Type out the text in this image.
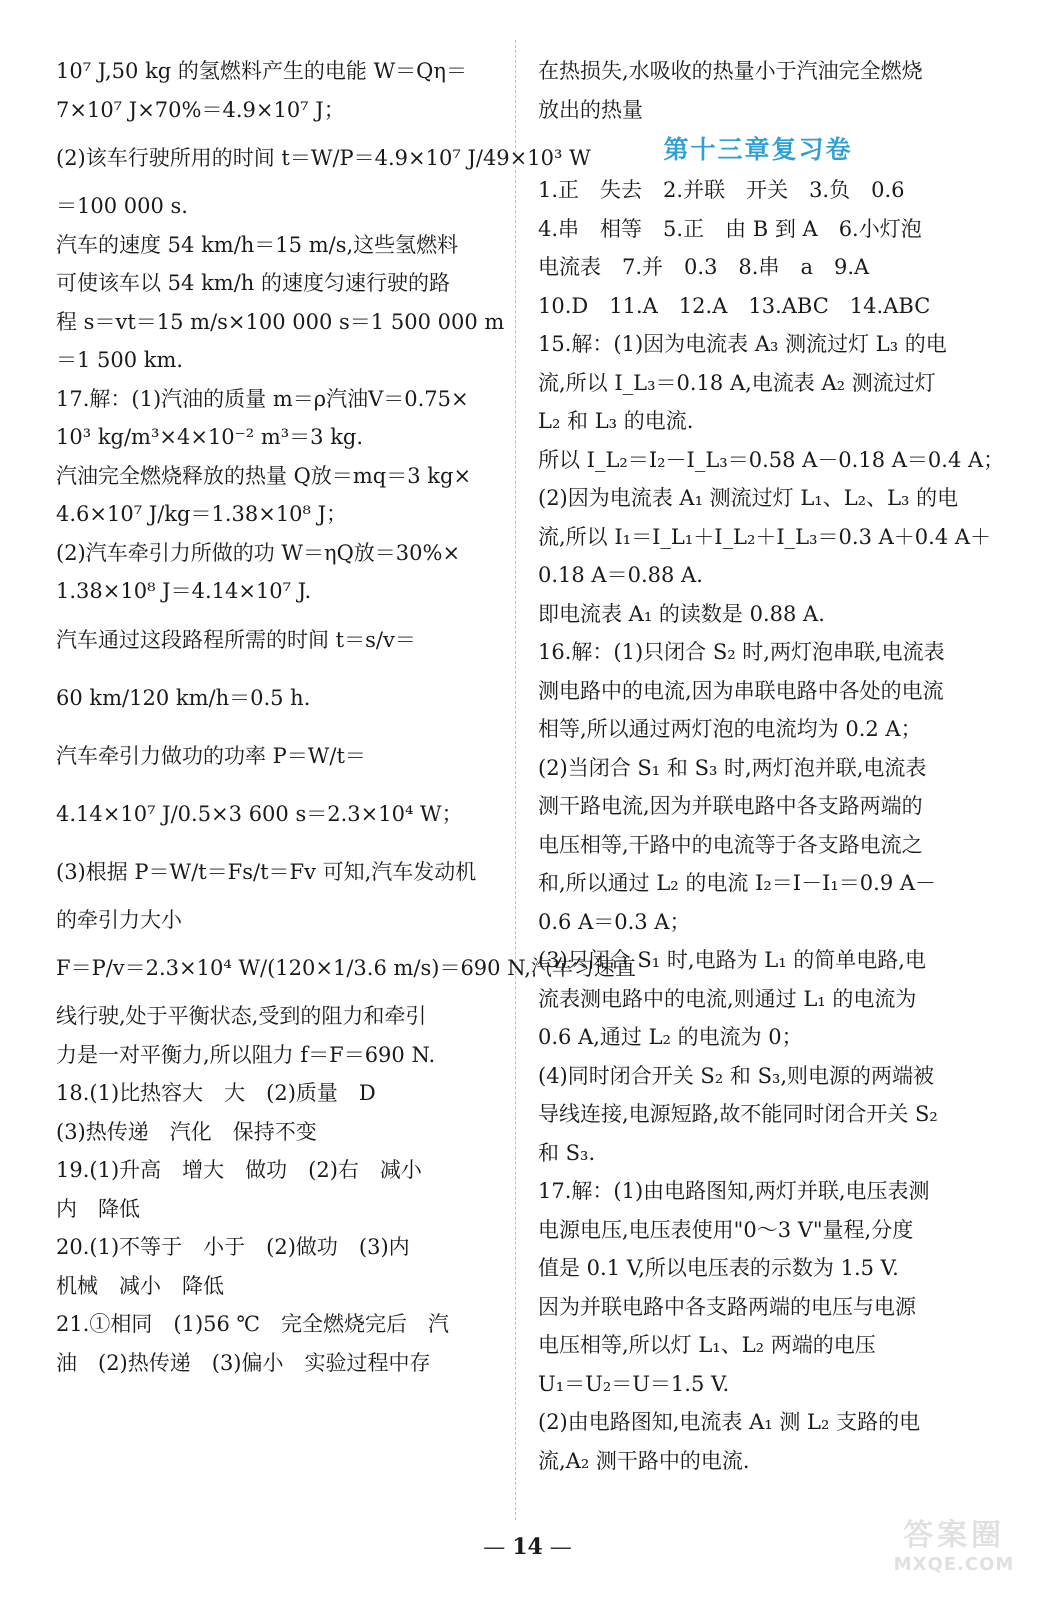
10⁷ J,50 kg 的氢燃料产生的电能 W＝Qη＝
7×10⁷ J×70%＝4.9×10⁷ J；
(2)该车行驶所用的时间 t＝W/P＝4.9×10⁷ J/49×10³ W
＝100 000 s.
汽车的速度 54 km/h＝15 m/s,这些氢燃料
可使该车以 54 km/h 的速度匀速行驶的路
程 s＝vt＝15 m/s×100 000 s＝1 500 000 m
＝1 500 km.
17.解：(1)汽油的质量 m＝ρ汽油V＝0.75×
10³ kg/m³×4×10⁻² m³＝3 kg.
汽油完全燃烧释放的热量 Q放＝mq＝3 kg×
4.6×10⁷ J/kg＝1.38×10⁸ J；
(2)汽车牵引力所做的功 W＝ηQ放＝30%×
1.38×10⁸ J＝4.14×10⁷ J.
汽车通过这段路程所需的时间 t＝s/v＝
60 km/120 km/h＝0.5 h.
汽车牵引力做功的功率 P＝W/t＝
4.14×10⁷ J/0.5×3 600 s＝2.3×10⁴ W；
(3)根据 P＝W/t＝Fs/t＝Fv 可知,汽车发动机
的牵引力大小
F＝P/v＝2.3×10⁴ W/(120×1/3.6 m/s)＝690 N,汽车匀速直
线行驶,处于平衡状态,受到的阻力和牵引
力是一对平衡力,所以阻力 f＝F＝690 N.
18.(1)比热容大　大　(2)质量　D
(3)热传递　汽化　保持不变
19.(1)升高　增大　做功　(2)右　减小
内　降低
20.(1)不等于　小于　(2)做功　(3)内
机械　减小　降低
21.①相同　(1)56 ℃　完全燃烧完后　汽
油　(2)热传递　(3)偏小　实验过程中存
在热损失,水吸收的热量小于汽油完全燃烧
放出的热量
第十三章复习卷
1.正　失去　2.并联　开关　3.负　0.6
4.串　相等　5.正　由 B 到 A　6.小灯泡
电流表　7.并　0.3　8.串　a　9.A
10.D　11.A　12.A　13.ABC　14.ABC
15.解：(1)因为电流表 A₃ 测流过灯 L₃ 的电
流,所以 I_L₃＝0.18 A,电流表 A₂ 测流过灯
L₂ 和 L₃ 的电流.
所以 I_L₂＝I₂－I_L₃＝0.58 A－0.18 A＝0.4 A；
(2)因为电流表 A₁ 测流过灯 L₁、L₂、L₃ 的电
流,所以 I₁＝I_L₁＋I_L₂＋I_L₃＝0.3 A＋0.4 A＋
0.18 A＝0.88 A.
即电流表 A₁ 的读数是 0.88 A.
16.解：(1)只闭合 S₂ 时,两灯泡串联,电流表
测电路中的电流,因为串联电路中各处的电流
相等,所以通过两灯泡的电流均为 0.2 A；
(2)当闭合 S₁ 和 S₃ 时,两灯泡并联,电流表
测干路电流,因为并联电路中各支路两端的
电压相等,干路中的电流等于各支路电流之
和,所以通过 L₂ 的电流 I₂＝I－I₁＝0.9 A－
0.6 A＝0.3 A；
(3)只闭合 S₁ 时,电路为 L₁ 的简单电路,电
流表测电路中的电流,则通过 L₁ 的电流为
0.6 A,通过 L₂ 的电流为 0；
(4)同时闭合开关 S₂ 和 S₃,则电源的两端被
导线连接,电源短路,故不能同时闭合开关 S₂
和 S₃.
17.解：(1)由电路图知,两灯并联,电压表测
电源电压,电压表使用"0～3 V"量程,分度
值是 0.1 V,所以电压表的示数为 1.5 V.
因为并联电路中各支路两端的电压与电源
电压相等,所以灯 L₁、L₂ 两端的电压
U₁＝U₂＝U＝1.5 V.
(2)由电路图知,电流表 A₁ 测 L₂ 支路的电
流,A₂ 测干路中的电流.
— 14 —	答案圈
MXQE.COM
